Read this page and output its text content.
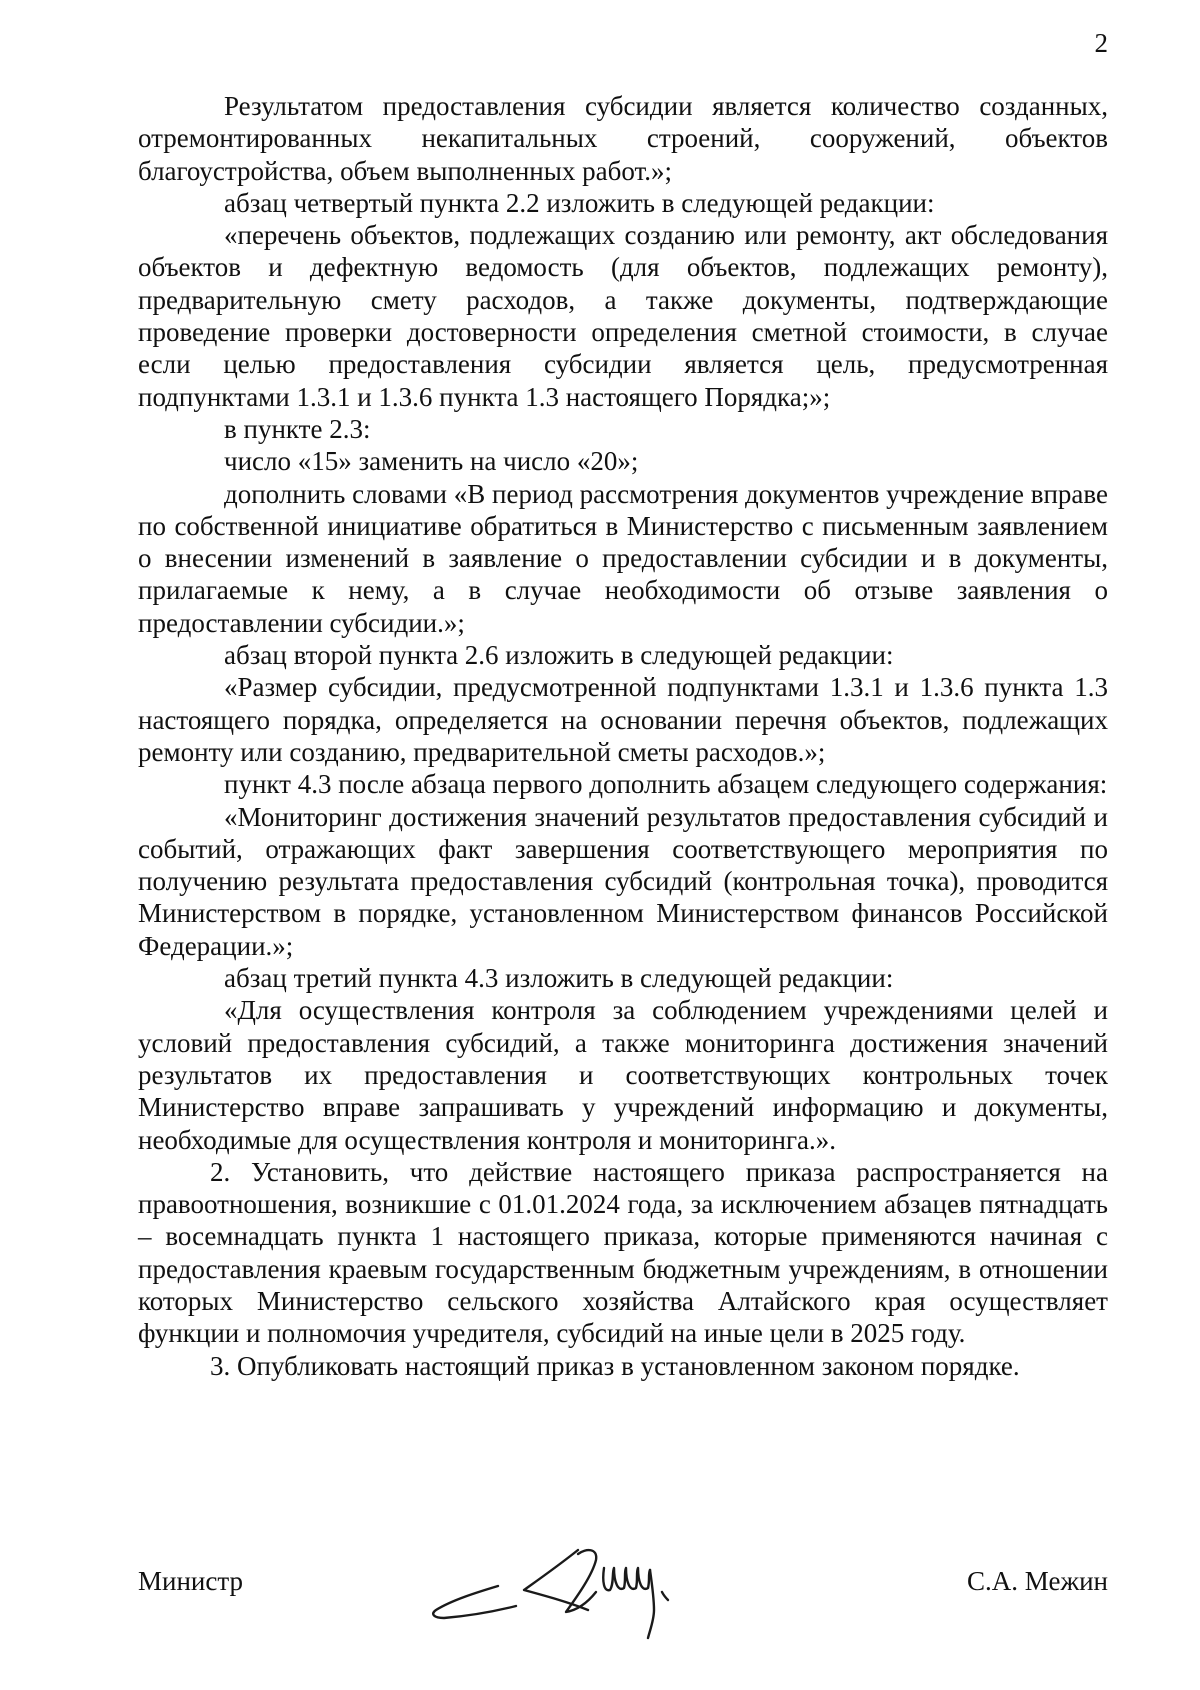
2

Результатом предоставления субсидии является количество созданных, отремонтированных некапитальных строений, сооружений, объектов благоустройства, объем выполненных работ.»;

абзац четвертый пункта 2.2 изложить в следующей редакции:

«перечень объектов, подлежащих созданию или ремонту, акт обследования объектов и дефектную ведомость (для объектов, подлежащих ремонту), предварительную смету расходов, а также документы, подтверждающие проведение проверки достоверности определения сметной стоимости, в случае если целью предоставления субсидии является цель, предусмотренная подпунктами 1.3.1 и 1.3.6 пункта 1.3 настоящего Порядка;»;

в пункте 2.3:

число «15» заменить на число «20»;

дополнить словами «В период рассмотрения документов учреждение вправе по собственной инициативе обратиться в Министерство с письменным заявлением о внесении изменений в заявление о предоставлении субсидии и в документы, прилагаемые к нему, а в случае необходимости об отзыве заявления о предоставлении субсидии.»;

абзац второй пункта 2.6 изложить в следующей редакции:

«Размер субсидии, предусмотренной подпунктами 1.3.1 и 1.3.6 пункта 1.3 настоящего порядка, определяется на основании перечня объектов, подлежащих ремонту или созданию, предварительной сметы расходов.»;

пункт 4.3 после абзаца первого дополнить абзацем следующего содержания:

«Мониторинг достижения значений результатов предоставления субсидий и событий, отражающих факт завершения соответствующего мероприятия по получению результата предоставления субсидий (контрольная точка), проводится Министерством в порядке, установленном Министерством финансов Российской Федерации.»;

абзац третий пункта 4.3 изложить в следующей редакции:

«Для осуществления контроля за соблюдением учреждениями целей и условий предоставления субсидий, а также мониторинга достижения значений результатов их предоставления и соответствующих контрольных точек Министерство вправе запрашивать у учреждений информацию и документы, необходимые для осуществления контроля и мониторинга.».

2. Установить, что действие настоящего приказа распространяется на правоотношения, возникшие с 01.01.2024 года, за исключением абзацев пятнадцать – восемнадцать пункта 1 настоящего приказа, которые применяются начиная с предоставления краевым государственным бюджетным учреждениям, в отношении которых Министерство сельского хозяйства Алтайского края осуществляет функции и полномочия учредителя, субсидий на иные цели в 2025 году.

3. Опубликовать настоящий приказ в установленном законом порядке.

Министр	С.А. Межин
